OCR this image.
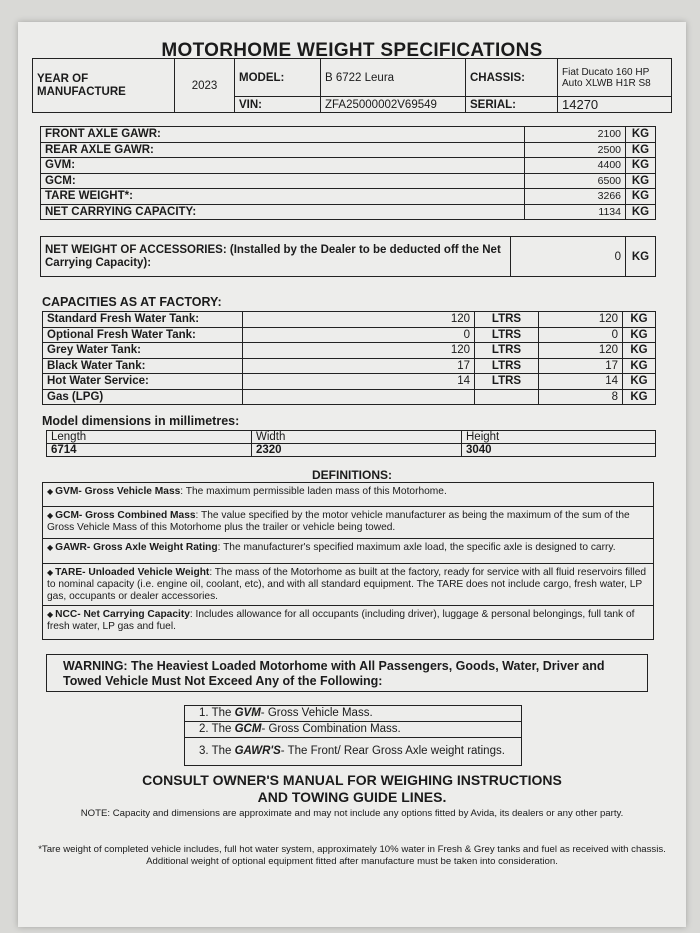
MOTORHOME WEIGHT SPECIFICATIONS
YEAR OF MANUFACTURE	2023	MODEL:	B 6722 Leura	CHASSIS:	Fiat Ducato 160 HP Auto XLWB H1R S8
		VIN:	ZFA25000002V69549	SERIAL:	14270
FRONT AXLE GAWR:	2100	KG
REAR AXLE GAWR:	2500	KG
GVM:	4400	KG
GCM:	6500	KG
TARE WEIGHT*:	3266	KG
NET CARRYING CAPACITY:	1134	KG
NET WEIGHT OF ACCESSORIES: (Installed by the Dealer to be deducted off the Net Carrying Capacity):	0	KG
CAPACITIES AS AT FACTORY:
Standard Fresh Water Tank:	120	LTRS	120	KG
Optional Fresh Water Tank:	0	LTRS	0	KG
Grey Water Tank:	120	LTRS	120	KG
Black Water Tank:	17	LTRS	17	KG
Hot Water Service:	14	LTRS	14	KG
Gas (LPG)			8	KG
Model dimensions in millimetres:
Length	Width	Height
6714	2320	3040
DEFINITIONS:
◆ GVM- Gross Vehicle Mass: The maximum permissible laden mass of this Motorhome.
◆ GCM- Gross Combined Mass: The value specified by the motor vehicle manufacturer as being the maximum of the sum of the Gross Vehicle Mass of this Motorhome plus the trailer or vehicle being towed.
◆ GAWR- Gross Axle Weight Rating: The manufacturer's specified maximum axle load, the specific axle is designed to carry.
◆ TARE- Unloaded Vehicle Weight: The mass of the Motorhome as built at the factory, ready for service with all fluid reservoirs filled to nominal capacity (i.e. engine oil, coolant, etc), and with all standard equipment. The TARE does not include cargo, fresh water, LP gas, occupants or dealer accessories.
◆ NCC- Net Carrying Capacity: Includes allowance for all occupants (including driver), luggage & personal belongings, full tank of fresh water, LP gas and fuel.
WARNING: The Heaviest Loaded Motorhome with All Passengers, Goods, Water, Driver and Towed Vehicle Must Not Exceed Any of the Following:
1. The GVM- Gross Vehicle Mass.
2. The GCM- Gross Combination Mass.
3. The GAWR'S- The Front/ Rear Gross Axle weight ratings.
CONSULT OWNER'S MANUAL FOR WEIGHING INSTRUCTIONS
AND TOWING GUIDE LINES.
NOTE: Capacity and dimensions are approximate and may not include any options fitted by Avida, its dealers or any other party.
*Tare weight of completed vehicle includes, full hot water system, approximately 10% water in Fresh & Grey tanks and fuel as received with chassis. Additional weight of optional equipment fitted after manufacture must be taken into consideration.
